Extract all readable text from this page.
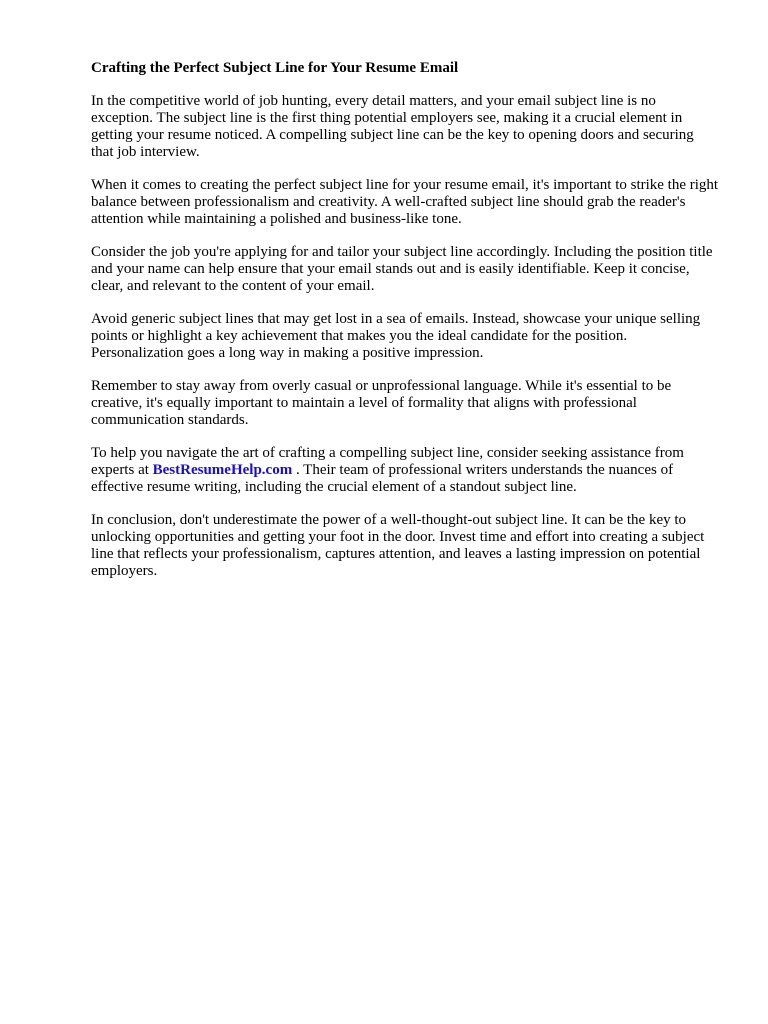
Crafting the Perfect Subject Line for Your Resume Email

In the competitive world of job hunting, every detail matters, and your email subject line is no exception. The subject line is the first thing potential employers see, making it a crucial element in getting your resume noticed. A compelling subject line can be the key to opening doors and securing that job interview.

When it comes to creating the perfect subject line for your resume email, it's important to strike the right balance between professionalism and creativity. A well-crafted subject line should grab the reader's attention while maintaining a polished and business-like tone.

Consider the job you're applying for and tailor your subject line accordingly. Including the position title and your name can help ensure that your email stands out and is easily identifiable. Keep it concise, clear, and relevant to the content of your email.

Avoid generic subject lines that may get lost in a sea of emails. Instead, showcase your unique selling points or highlight a key achievement that makes you the ideal candidate for the position. Personalization goes a long way in making a positive impression.

Remember to stay away from overly casual or unprofessional language. While it's essential to be creative, it's equally important to maintain a level of formality that aligns with professional communication standards.

To help you navigate the art of crafting a compelling subject line, consider seeking assistance from experts at BestResumeHelp.com . Their team of professional writers understands the nuances of effective resume writing, including the crucial element of a standout subject line.

In conclusion, don't underestimate the power of a well-thought-out subject line. It can be the key to unlocking opportunities and getting your foot in the door. Invest time and effort into creating a subject line that reflects your professionalism, captures attention, and leaves a lasting impression on potential employers.
